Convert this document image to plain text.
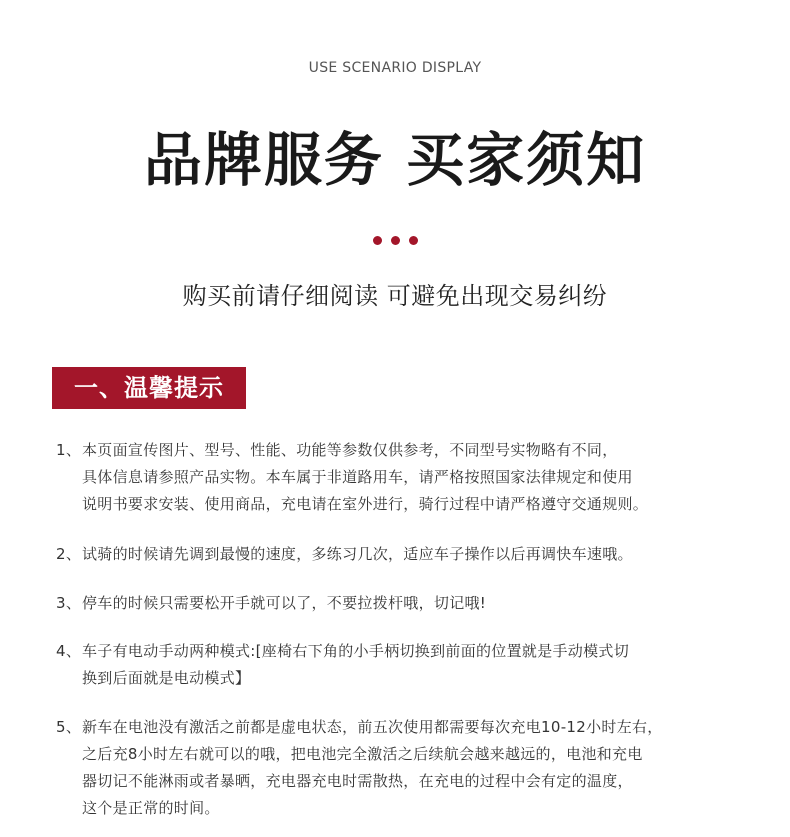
USE SCENARIO DISPLAY
品牌服务 买家须知

购买前请仔细阅读 可避免出现交易纠纷
一、温馨提示
1、本页面宣传图片、型号、性能、功能等参数仅供参考，不同型号实物略有不同，
具体信息请参照产品实物。本车属于非道路用车，请严格按照国家法律规定和使用
说明书要求安装、使用商品，充电请在室外进行，骑行过程中请严格遵守交通规则。
2、试骑的时候请先调到最慢的速度，多练习几次，适应车子操作以后再调快车速哦。
3、停车的时候只需要松开手就可以了，不要拉拨杆哦，切记哦!
4、车子有电动手动两种模式:[座椅右下角的小手柄切换到前面的位置就是手动模式切
换到后面就是电动模式】
5、新车在电池没有激活之前都是虚电状态，前五次使用都需要每次充电10-12小时左右，
之后充8小时左右就可以的哦，把电池完全激活之后续航会越来越远的，电池和充电
器切记不能淋雨或者暴晒，充电器充电时需散热，在充电的过程中会有定的温度，
这个是正常的时间。
